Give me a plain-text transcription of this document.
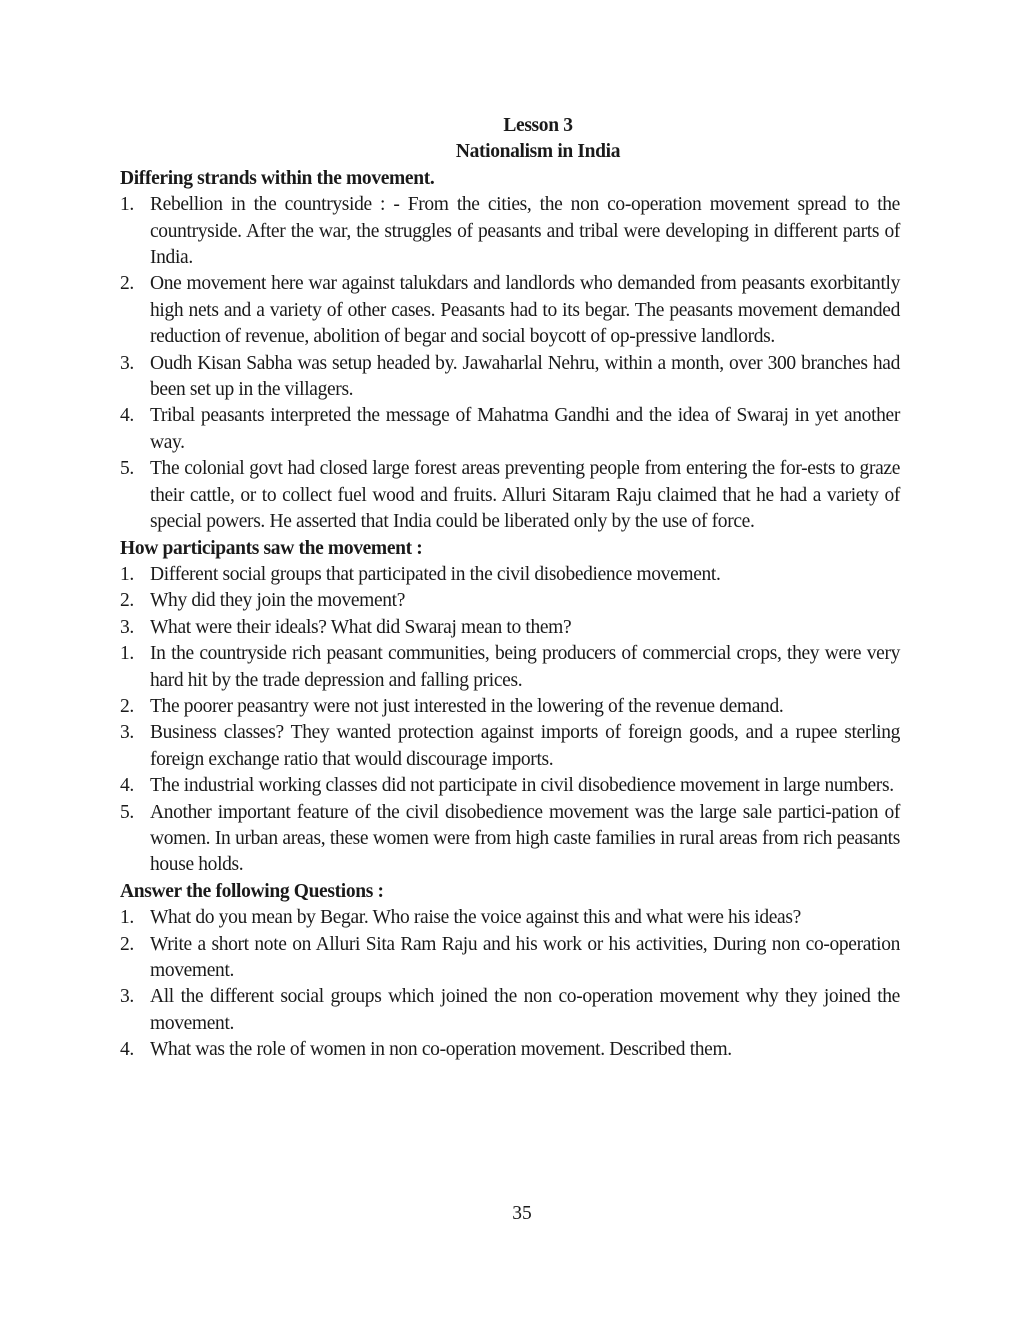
Lesson 3
Nationalism in India
Differing strands within the movement.
1. Rebellion in the countryside : - From the cities, the non co-operation movement spread to the countryside. After the war, the struggles of peasants and tribal were developing in different parts of India.
2. One movement here war against talukdars and landlords who demanded from peasants exorbitantly high nets and a variety of other cases. Peasants had to its begar. The peasants movement demanded reduction of revenue, abolition of begar and social boycott of op-pressive landlords.
3. Oudh Kisan Sabha was setup headed by. Jawaharlal Nehru, within a month, over 300 branches had been set up in the villagers.
4. Tribal peasants interpreted the message of Mahatma Gandhi and the idea of Swaraj in yet another way.
5. The colonial govt had closed large forest areas preventing people from entering the for-ests to graze their cattle, or to collect fuel wood and fruits. Alluri Sitaram Raju claimed that he had a variety of special powers. He asserted that India could be liberated only by the use of force.
How participants saw the movement :
1. Different social groups that participated in the civil disobedience movement.
2. Why did they join the movement?
3. What were their ideals? What did Swaraj mean to them?
1. In the countryside rich peasant communities, being producers of commercial crops, they were very hard hit by the trade depression and falling prices.
2. The poorer peasantry were not just interested in the lowering of the revenue demand.
3. Business classes? They wanted protection against imports of foreign goods, and a rupee sterling foreign exchange ratio that would discourage imports.
4. The industrial working classes did not participate in civil disobedience movement in large numbers.
5. Another important feature of the civil disobedience movement was the large sale partici-pation of women. In urban areas, these women were from high caste families in rural areas from rich peasants house holds.
Answer the following Questions :
1. What do you mean by Begar. Who raise the voice against this and what were his ideas?
2. Write a short note on Alluri Sita Ram Raju and his work or his activities, During non co-operation movement.
3. All the different social groups which joined the non co-operation movement why they joined the movement.
4. What was the role of women in non co-operation movement. Described them.
35
